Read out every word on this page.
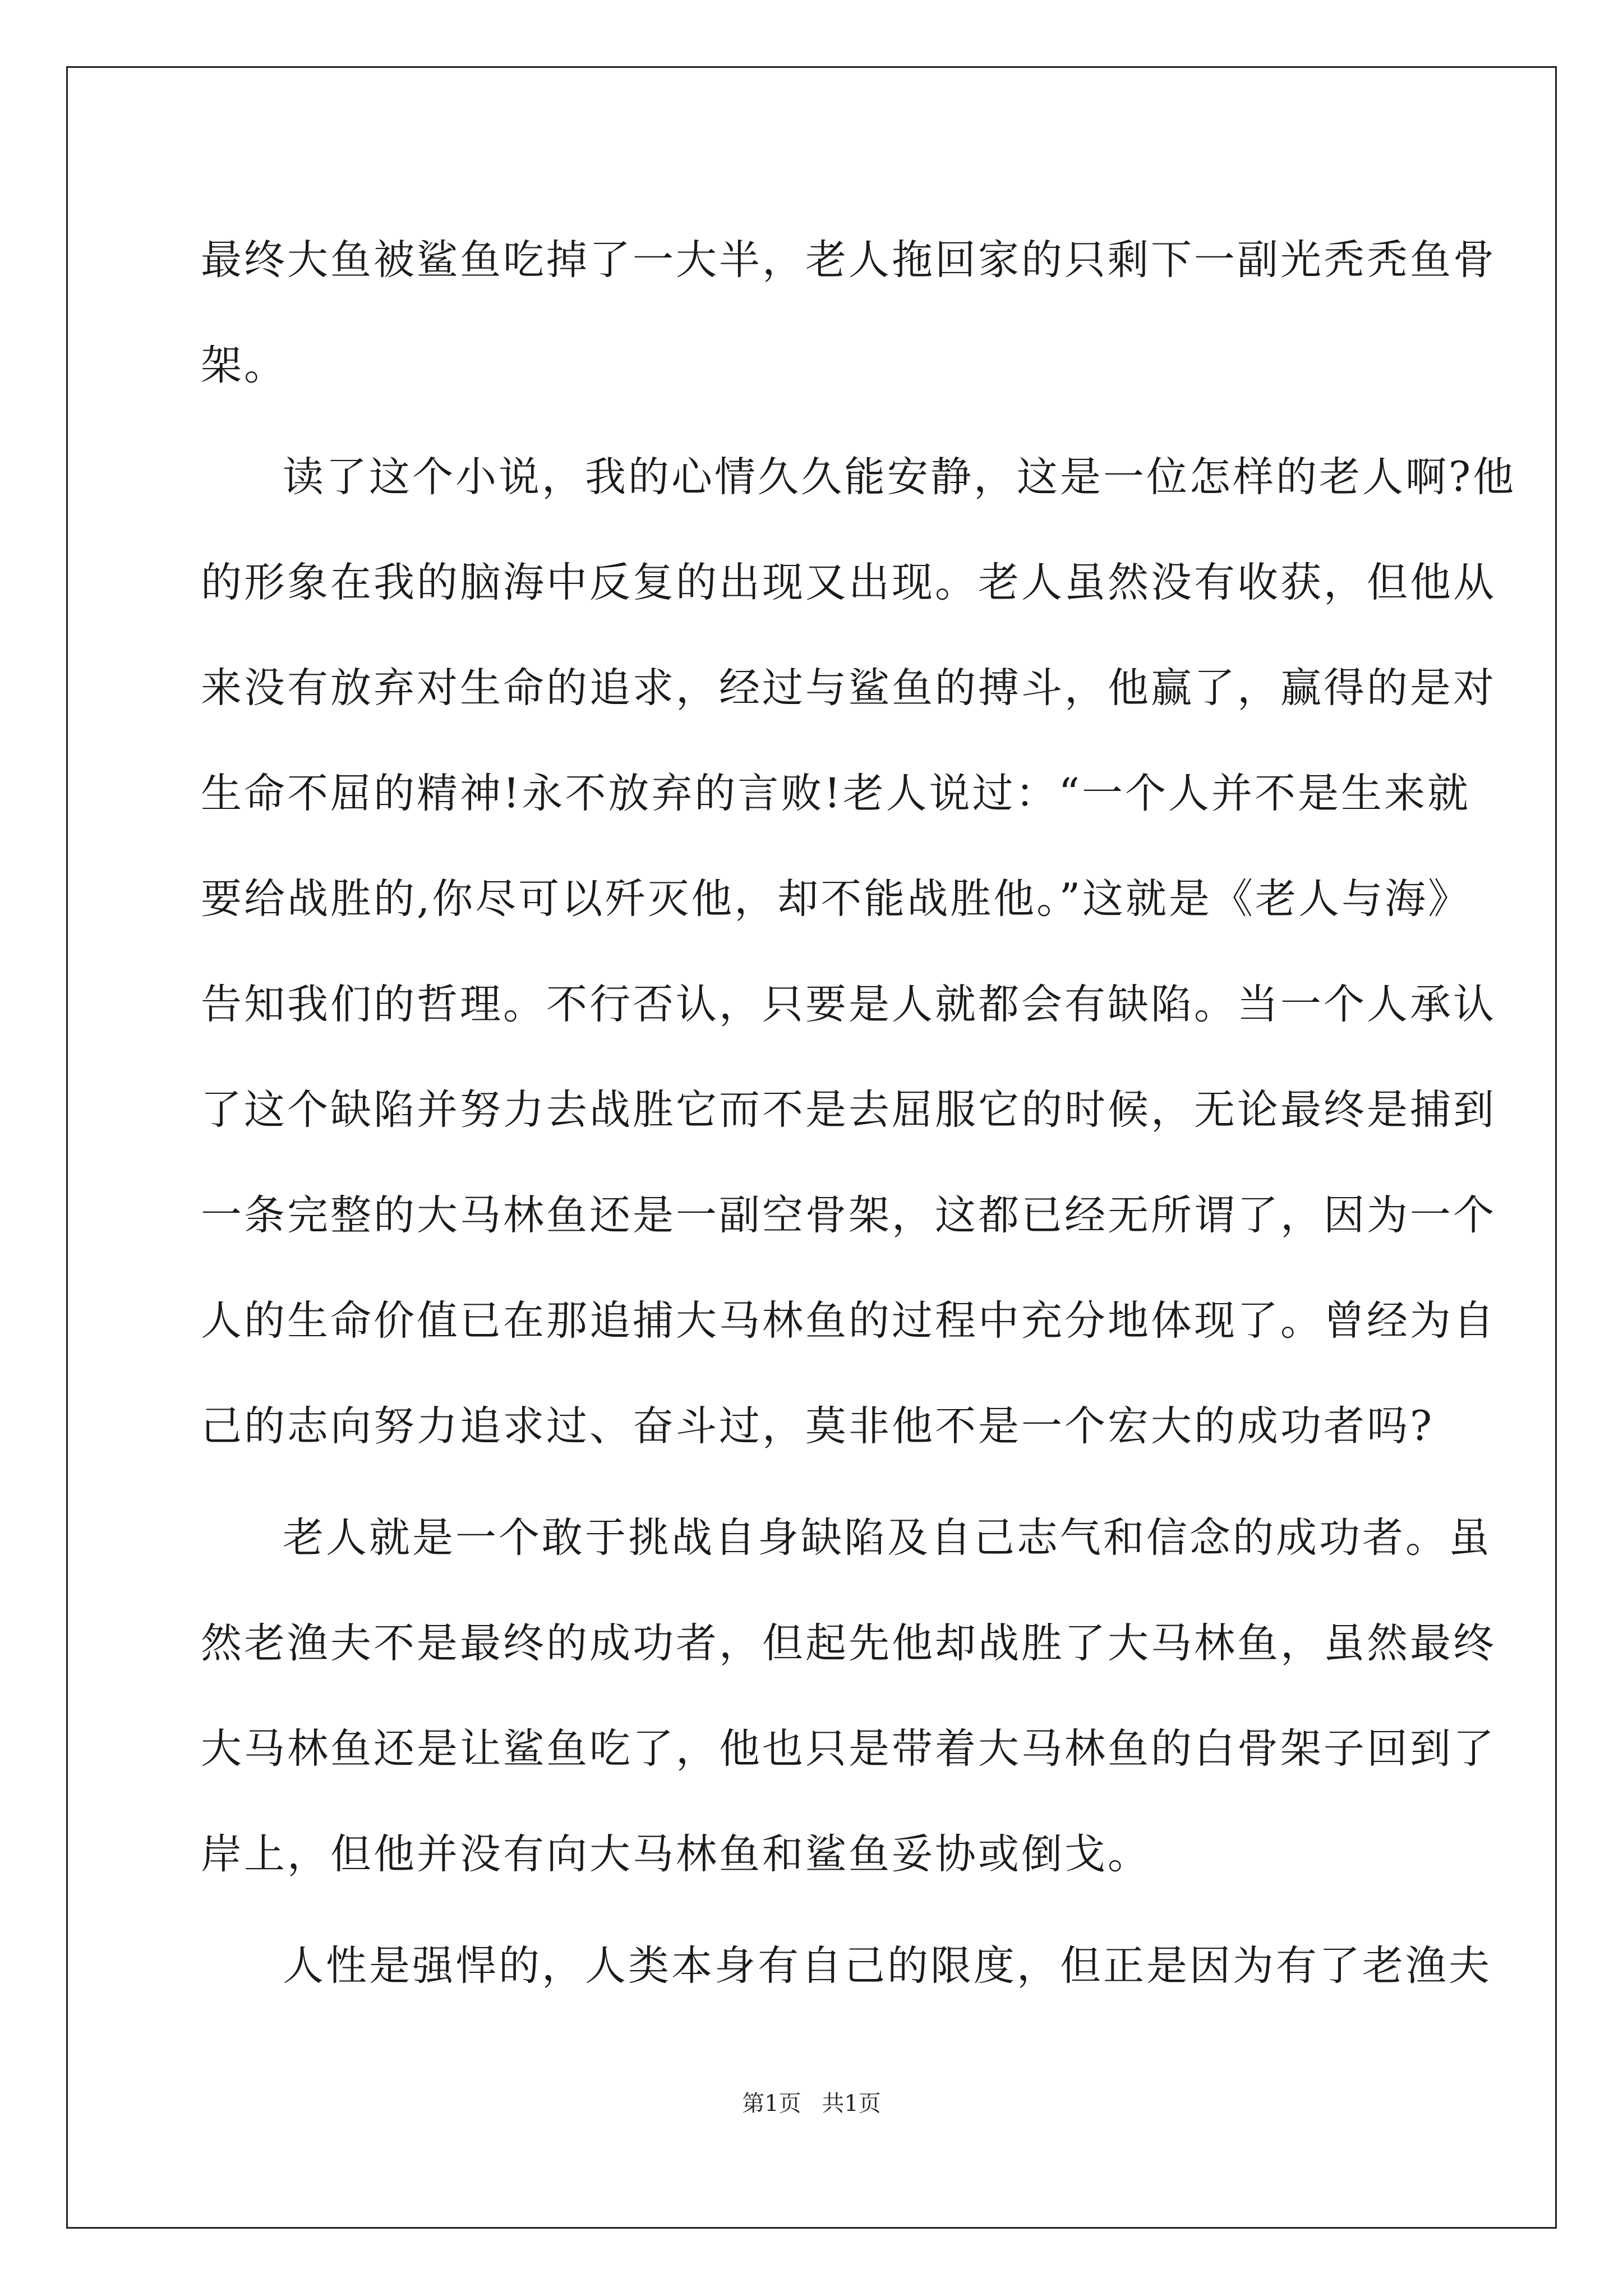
最终大鱼被鲨鱼吃掉了一大半，老人拖回家的只剩下一副光秃秃鱼骨
架。
读了这个小说，我的心情久久能安静，这是一位怎样的老人啊?他
的形象在我的脑海中反复的出现又出现。老人虽然没有收获，但他从
来没有放弃对生命的追求，经过与鲨鱼的搏斗，他赢了，赢得的是对
生命不屈的精神!永不放弃的言败!老人说过：“一个人并不是生来就
要给战胜的,你尽可以歼灭他，却不能战胜他。”这就是《老人与海》
告知我们的哲理。不行否认，只要是人就都会有缺陷。当一个人承认
了这个缺陷并努力去战胜它而不是去屈服它的时候，无论最终是捕到
一条完整的大马林鱼还是一副空骨架，这都已经无所谓了，因为一个
人的生命价值已在那追捕大马林鱼的过程中充分地体现了。曾经为自
己的志向努力追求过、奋斗过，莫非他不是一个宏大的成功者吗?
老人就是一个敢于挑战自身缺陷及自己志气和信念的成功者。虽
然老渔夫不是最终的成功者，但起先他却战胜了大马林鱼，虽然最终
大马林鱼还是让鲨鱼吃了，他也只是带着大马林鱼的白骨架子回到了
岸上，但他并没有向大马林鱼和鲨鱼妥协或倒戈。
人性是强悍的，人类本身有自己的限度，但正是因为有了老渔夫
第1页 共1页
